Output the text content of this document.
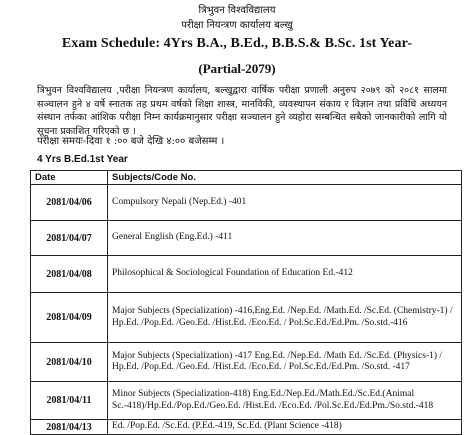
त्रिभुवन विश्वविद्यालय
परीक्षा नियन्त्रण कार्यालय बल्खु
Exam Schedule: 4Yrs B.A., B.Ed., B.B.S.& B.Sc. 1st Year-
(Partial-2079)
त्रिभुवन विश्वविद्यालय ,परीक्षा नियन्त्रण कार्यालय, बल्खुद्वारा वार्षिक परीक्षा प्रणाली अनुरुप २०७९ को २०८१ सालमा सञ्चालन हुने ४ वर्षे स्नातक तह प्रथम वर्षको शिक्षा शास्त्र, मानविकी, व्यवस्थापन संकाय र विज्ञान तथा प्रविधि अध्ययन संस्थान तर्फका आंशिक परीक्षा निम्न कार्यक्रमानुसार परीक्षा सञ्चालन हुने व्यहोरा सम्बन्धित सबैको जानकारीको लागि यो सूचना प्रकाशित गरिएको छ ।
परीक्षा समयः-दिवा १ :०० बजे देखि ४:०० बजेसम्म ।
4 Yrs B.Ed.1st Year
Date	Subjects/Code No.
2081/04/06	Compulsory Nepali (Nep.Ed.) -401
2081/04/07	General English (Eng.Ed.) -411
2081/04/08	Philosophical & Sociological Foundation of Education Ed.-412
2081/04/09	Major Subjects (Specialization) -416,Eng.Ed. /Nep.Ed. /Math.Ed. /Sc.Ed. (Chemistry-1) / Hp.Ed. /Pop.Ed. /Geo.Ed. /Hist.Ed. /Eco.Ed. / Pol.Sc.Ed./Ed.Pm. /So.std.-416
2081/04/10	Major Subjects (Specialization) -417 Eng.Ed. /Nep.Ed. /Math Ed. /Sc.Ed. (Physics-1) / Hp.Ed. /Pop.Ed. /Geo.Ed. /Hist.Ed. /Eco.Ed. / Pol.Sc.Ed./Ed.Pm. /So.std. -417
2081/04/11	Minor Subjects (Specialization-418) Eng.Ed./Nep.Ed./Math.Ed./Sc.Ed.(Animal Sc.-418)/Hp.Ed./Pop.Ed./Geo.Ed. /Hist.Ed. /Eco.Ed. /Pol.Sc.Ed./Ed.Pm./So.std.-418
2081/04/13	Ed. /Pop.Ed. /Sc.Ed. (P.Ed.-419, Sc.Ed. (Plant Science -418)
